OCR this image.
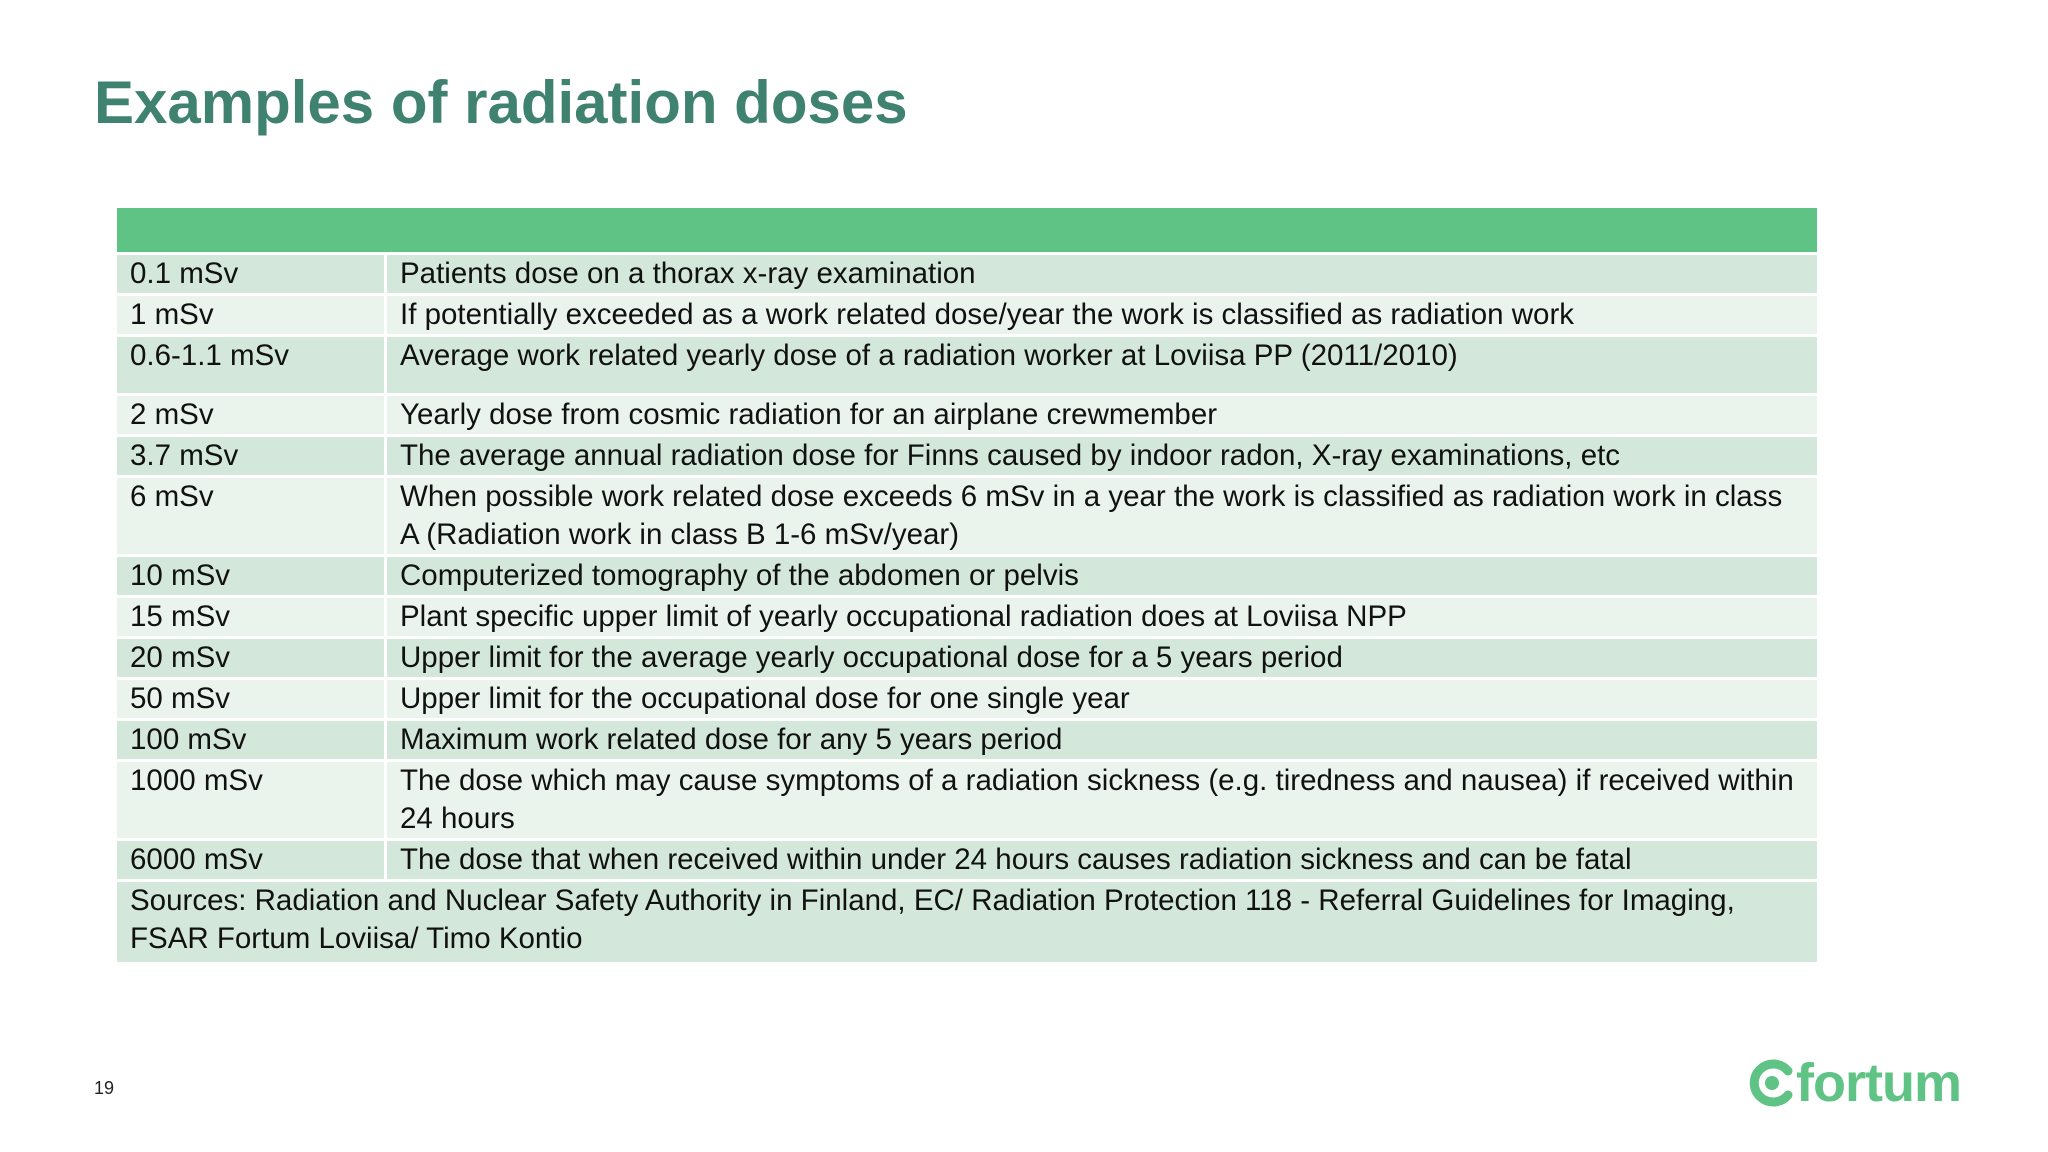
Examples of radiation doses

0.1 mSv	Patients dose on a thorax x-ray examination
1 mSv	If potentially exceeded as a work related dose/year the work is classified as radiation work
0.6-1.1 mSv	Average work related yearly dose of a radiation worker at Loviisa PP (2011/2010)
2 mSv	Yearly dose from cosmic radiation for an airplane crewmember
3.7 mSv	The average annual radiation dose for Finns caused by indoor radon, X-ray examinations, etc
6 mSv	When possible work related dose exceeds 6 mSv in a year the work is classified as radiation work in class A (Radiation work in class B 1-6 mSv/year)
10 mSv	Computerized tomography of the abdomen or pelvis
15 mSv	Plant specific upper limit of yearly occupational radiation does at Loviisa NPP
20 mSv	Upper limit for the average yearly occupational dose for a 5 years period
50 mSv	Upper limit for the occupational dose for one single year
100 mSv	Maximum work related dose for any 5 years period
1000 mSv	The dose which may cause symptoms of a radiation sickness (e.g. tiredness and nausea) if received within 24 hours
6000 mSv	The dose that when received within under 24 hours causes radiation sickness and can be fatal
Sources: Radiation and Nuclear Safety Authority in Finland, EC/ Radiation Protection 118 - Referral Guidelines for Imaging, FSAR Fortum Loviisa/ Timo Kontio	
19	fortum
